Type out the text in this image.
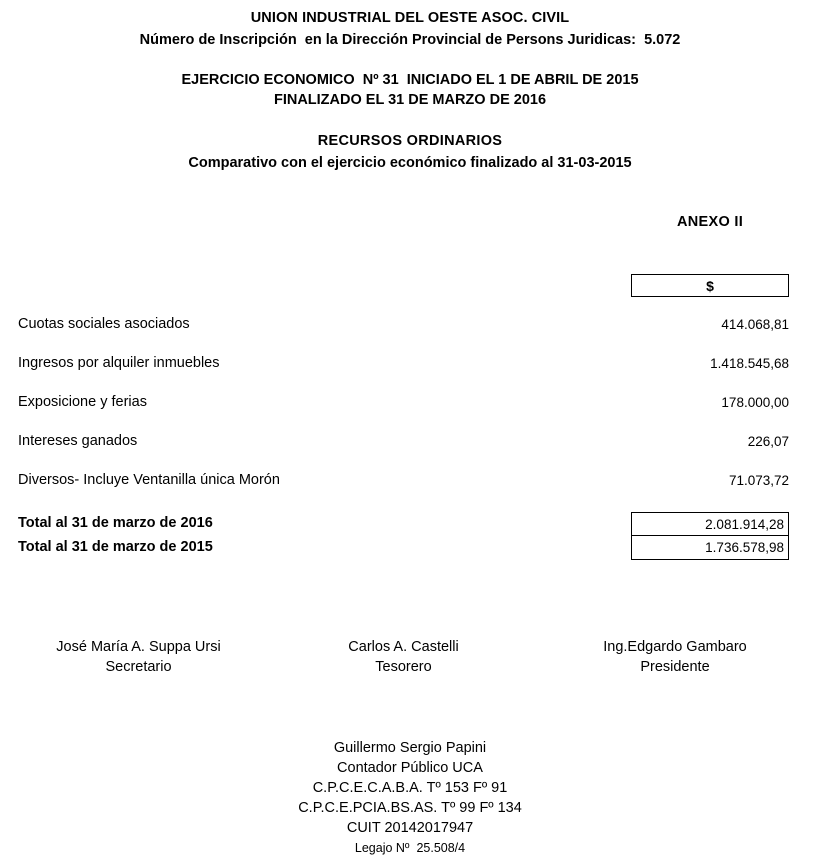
UNION INDUSTRIAL DEL OESTE ASOC. CIVIL
Número de Inscripción  en la Dirección Provincial de Persons Juridicas:  5.072
EJERCICIO ECONOMICO  Nº 31  INICIADO EL 1 DE ABRIL DE 2015
FINALIZADO EL 31 DE MARZO DE 2016
RECURSOS ORDINARIOS
Comparativo con el ejercicio económico finalizado al 31-03-2015
ANEXO II
$
Cuotas sociales asociados	414.068,81
Ingresos por alquiler inmuebles	1.418.545,68
Exposicione y ferias	178.000,00
Intereses ganados	226,07
Diversos- Incluye Ventanilla única Morón	71.073,72
Total al 31 de marzo de 2016	2.081.914,28
Total al 31 de marzo de 2015	1.736.578,98
José María A. Suppa Ursi
Secretario
Carlos A. Castelli
Tesorero
Ing.Edgardo Gambaro
Presidente
Guillermo Sergio Papini
Contador Público UCA
C.P.C.E.C.A.B.A. Tº 153 Fº 91
C.P.C.E.PCIA.BS.AS. Tº 99 Fº 134
CUIT 20142017947
Legajo Nº  25.508/4
